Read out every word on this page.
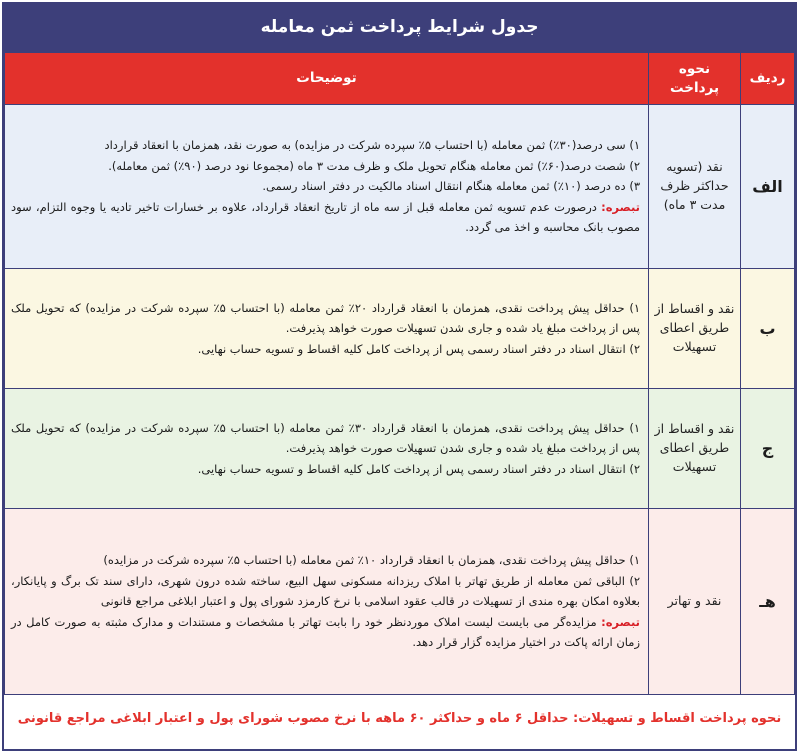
جدول شرایط پرداخت ثمن معامله
ردیف	نحوه پرداخت	توضیحات
الف	نقد (تسویه حداکثر ظرف مدت ۳ ماه)	۱) سی درصد(۳۰٪) ثمن معامله (با احتساب ۵٪ سپرده شرکت در مزایده) به صورت نقد، همزمان با انعقاد قرارداد

۲) شصت درصد(۶۰٪) ثمن معامله هنگام تحویل ملک و ظرف مدت ۳ ماه (مجموعا نود درصد (۹۰٪) ثمن معامله).

۳) ده درصد (۱۰٪) ثمن معامله هنگام انتقال اسناد مالکیت در دفتر اسناد رسمی.

تبصره: درصورت عدم تسویه ثمن معامله قبل از سه ماه از تاریخ انعقاد قرارداد، علاوه بر خسارات تاخیر تادیه یا وجوه التزام، سود مصوب بانک محاسبه و اخذ می گردد.

ب	نقد و اقساط از طریق اعطای تسهیلات	۱) حداقل پیش پرداخت نقدی، همزمان با انعقاد قرارداد ۲۰٪ ثمن معامله (با احتساب ۵٪ سپرده شرکت در مزایده) که تحویل ملک پس از پرداخت مبلغ یاد شده و جاری شدن تسهیلات صورت خواهد پذیرفت.

۲) انتقال اسناد در دفتر اسناد رسمی پس از پرداخت کامل کلیه اقساط و تسویه حساب نهایی.

ج	نقد و اقساط از طریق اعطای تسهیلات	۱) حداقل پیش پرداخت نقدی، همزمان با انعقاد قرارداد ۳۰٪ ثمن معامله (با احتساب ۵٪ سپرده شرکت در مزایده) که تحویل ملک پس از پرداخت مبلغ یاد شده و جاری شدن تسهیلات صورت خواهد پذیرفت.

۲) انتقال اسناد در دفتر اسناد رسمی پس از پرداخت کامل کلیه اقساط و تسویه حساب نهایی.

هـ	نقد و تهاتر	۱) حداقل پیش پرداخت نقدی، همزمان با انعقاد قرارداد ۱۰٪ ثمن معامله (با احتساب ۵٪ سپرده شرکت در مزایده)

۲) الباقی ثمن معامله از طریق تهاتر با املاک ریزدانه مسکونی سهل البیع، ساخته شده درون شهری، دارای سند تک برگ و پایانکار، بعلاوه امکان بهره مندی از تسهیلات در قالب عقود اسلامی با نرخ کارمزد شورای پول و اعتبار ابلاغی مراجع قانونی

تبصره: مزایده‌گر می بایست لیست املاک موردنظر خود را بابت تهاتر با مشخصات و مستندات و مدارک مثبته به صورت کامل در زمان ارائه پاکت در اختیار مزایده گزار قرار دهد.

نحوه پرداخت اقساط و تسهیلات: حداقل ۶ ماه و حداکثر ۶۰ ماهه با نرخ مصوب شورای پول و اعتبار ابلاغی مراجع قانونی		
